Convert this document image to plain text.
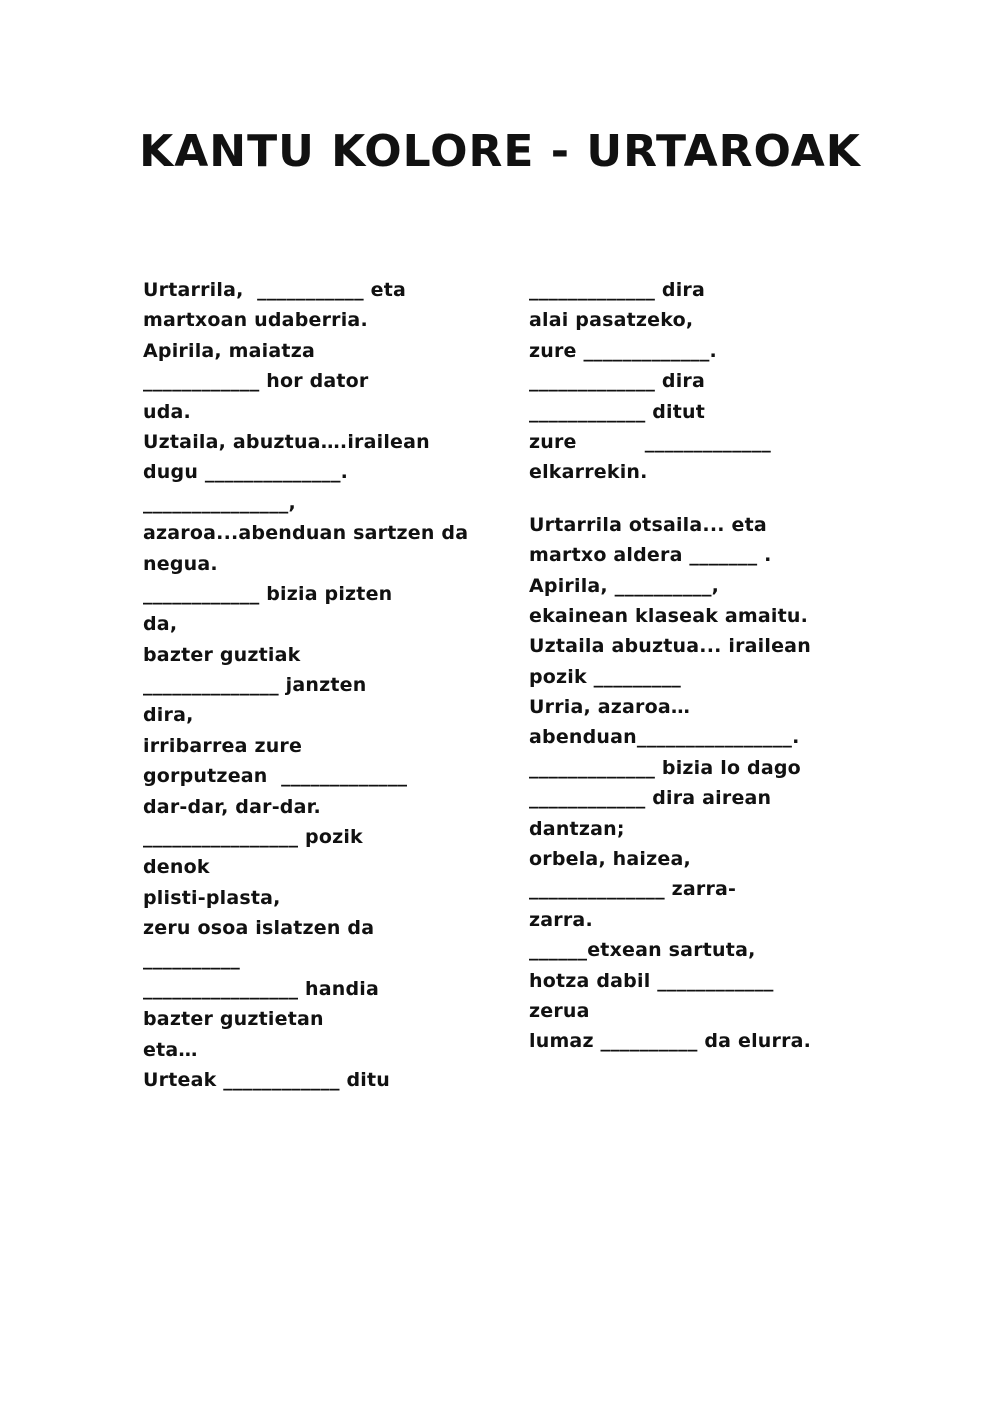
KANTU KOLORE - URTAROAK
Urtarrila,  ___________ eta
martxoan udaberria.
Apirila, maiatza
____________ hor dator
uda.
Uztaila, abuztua….irailean
dugu ______________.
_______________,
azaroa...abenduan sartzen da
negua.
____________ bizia pizten
da,
bazter guztiak
______________ janzten
dira,
irribarrea zure
gorputzean  _____________
dar-dar, dar-dar.
________________ pozik
denok
plisti-plasta,
zeru osoa islatzen da
__________
________________ handia
bazter guztietan
eta…
Urteak ____________ ditu
_____________ dira
alai pasatzeko,
zure _____________.
_____________ dira
____________ ditut
zure          _____________
elkarrekin.
Urtarrila otsaila... eta
martxo aldera _______ .
Apirila, __________,
ekainean klaseak amaitu.
Uztaila abuztua... irailean
pozik _________
Urria, azaroa…
abenduan________________.
_____________ bizia lo dago
____________ dira airean
dantzan;
orbela, haizea,
______________ zarra-
zarra.
______etxean sartuta,
hotza dabil ____________
zerua
lumaz __________ da elurra.
